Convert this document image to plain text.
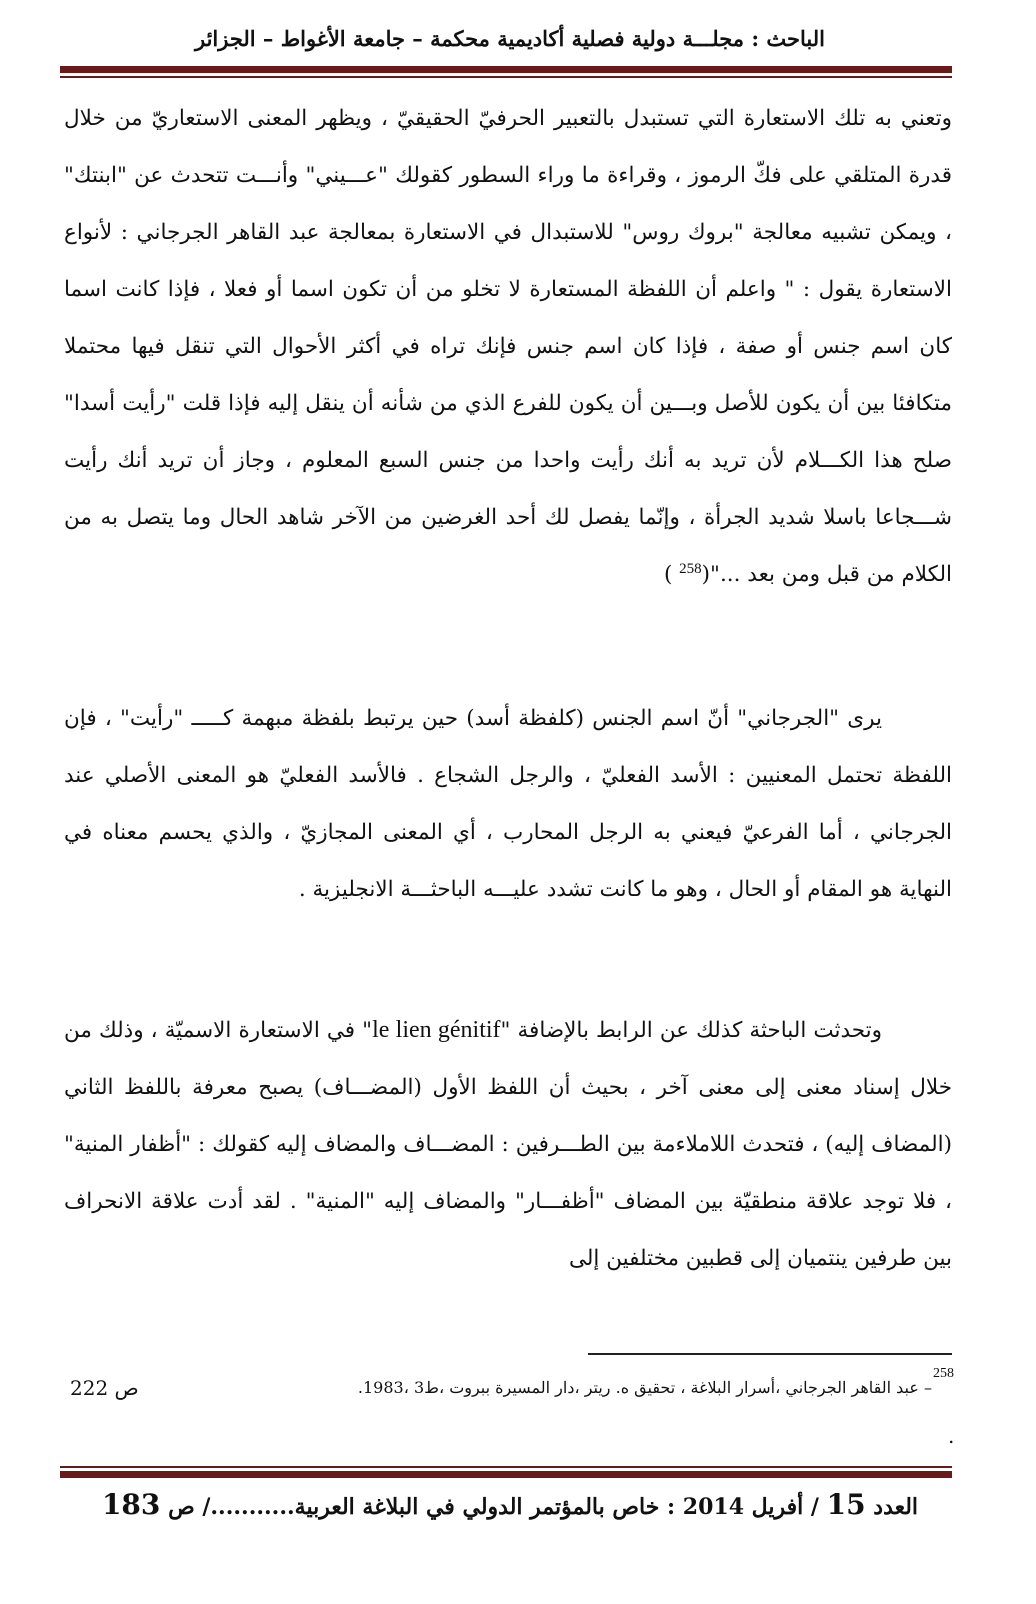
الباحث : مجلـــة دولية فصلية أكاديمية محكمة – جامعة الأغواط – الجزائر

وتعني به تلك الاستعارة التي تستبدل بالتعبير الحرفيّ الحقيقيّ ، ويظهر المعنى الاستعاريّ من خلال قدرة المتلقي على فكّ الرموز ، وقراءة ما وراء السطور كقولك "عـــيني" وأنـــت تتحدث عن "ابنتك" ، ويمكن تشبيه معالجة "بروك روس" للاستبدال في الاستعارة بمعالجة عبد القاهر الجرجاني : لأنواع الاستعارة يقول : " واعلم أن اللفظة المستعارة لا تخلو من أن تكون اسما أو فعلا ، فإذا كانت اسما كان اسم جنس أو صفة ، فإذا كان اسم جنس فإنك تراه في أكثر الأحوال التي تنقل فيها محتملا متكافئا بين أن يكون للأصل وبـــين أن يكون للفرع الذي من شأنه أن ينقل إليه فإذا قلت "رأيت أسدا" صلح هذا الكـــلام لأن تريد به أنك رأيت واحدا من جنس السبع المعلوم ، وجاز أن تريد أنك رأيت شـــجاعا باسلا شديد الجرأة ، وإنّما يفصل لك أحد الغرضين من الآخر شاهد الحال وما يتصل به من الكلام من قبل ومن بعد ..."($^{258}$ )

يرى "الجرجاني" أنّ اسم الجنس (كلفظة أسد) حين يرتبط بلفظة مبهمة كـــــ "رأيت" ، فإن اللفظة تحتمل المعنيين : الأسد الفعليّ ، والرجل الشجاع . فالأسد الفعليّ هو المعنى الأصلي عند الجرجاني ، أما الفرعيّ فيعني به الرجل المحارب ، أي المعنى المجازيّ ، والذي يحسم معناه في النهاية هو المقام أو الحال ، وهو ما كانت تشدد عليـــه الباحثـــة الانجليزية .

وتحدثت الباحثة كذلك عن الرابط بالإضافة "le lien génitif" في الاستعارة الاسميّة ، وذلك من خلال إسناد معنى إلى معنى آخر ، بحيث أن اللفظ الأول (المضـــاف) يصبح معرفة باللفظ الثاني (المضاف إليه) ، فتحدث اللاملاءمة بين الطـــرفين : المضـــاف والمضاف إليه كقولك : "أظفار المنية" ، فلا توجد علاقة منطقيّة بين المضاف "أظفـــار" والمضاف إليه "المنية" . لقد أدت علاقة الانحراف بين طرفين ينتميان إلى قطبين مختلفين إلى

258
– عبد القاهر الجرجاني ،أسرار البلاغة ، تحقيق ه. ريتر ،دار المسيرة ببروت ،ط3 ،1983.
ص 222
.
العدد 15 / أفريل 2014 : خاص بالمؤتمر الدولي في البلاغة العربية.........../ ص 183
